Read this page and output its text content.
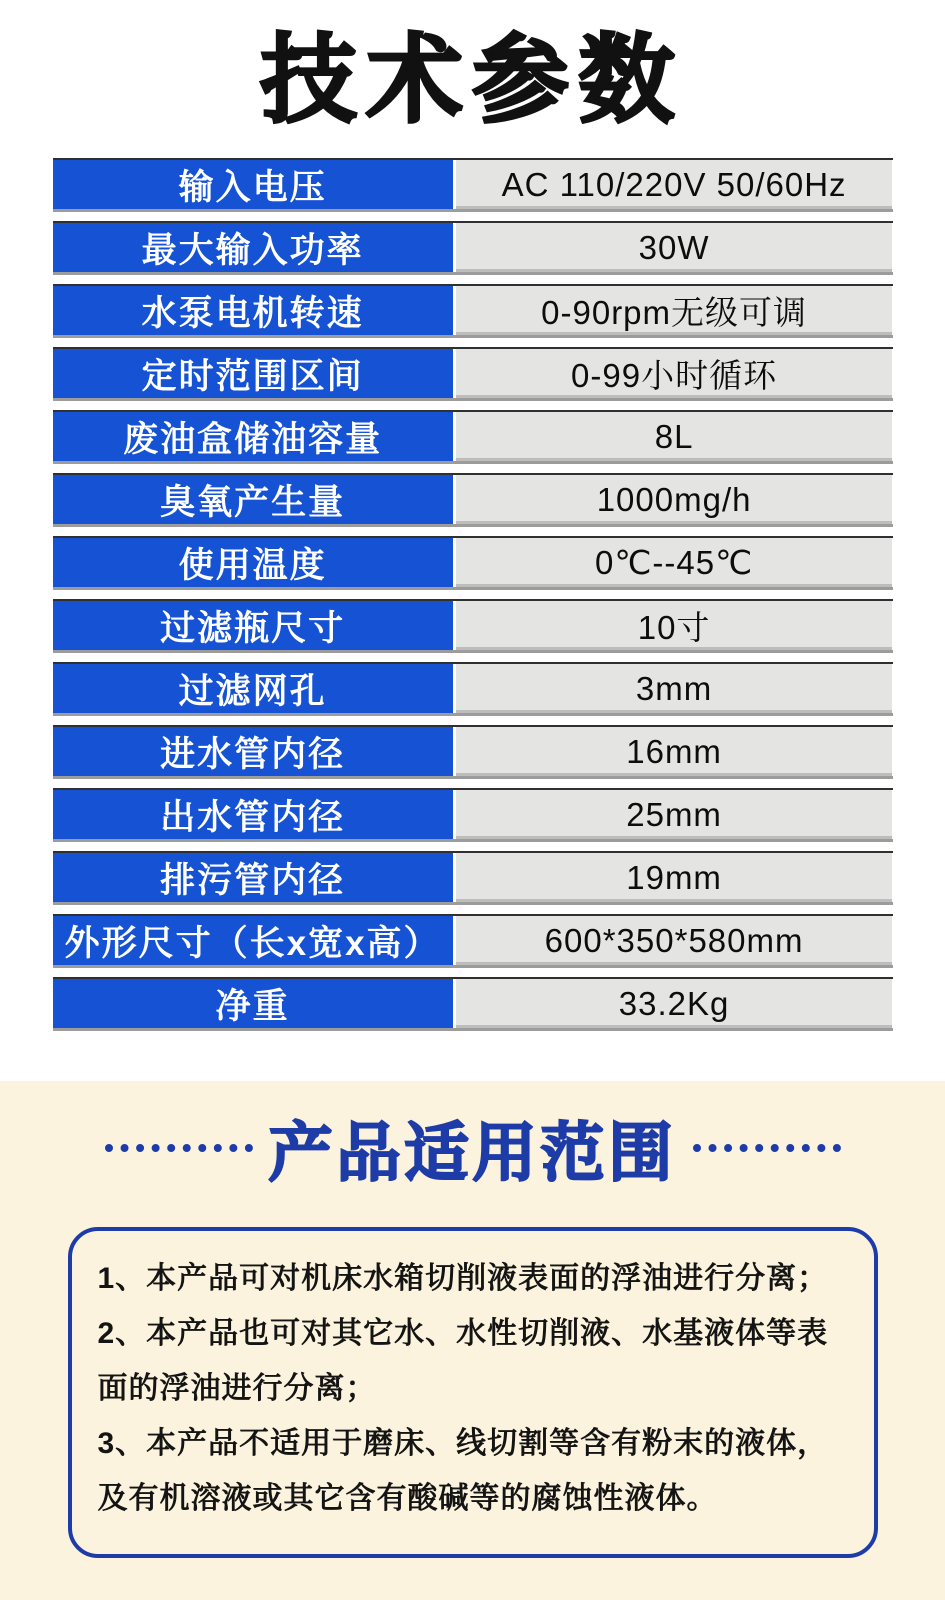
技术参数
输入电压	AC 110/220V 50/60Hz
最大输入功率	30W
水泵电机转速	0-90rpm无级可调
定时范围区间	0-99小时循环
废油盒储油容量	8L
臭氧产生量	1000mg/h
使用温度	0℃--45℃
过滤瓶尺寸	10寸
过滤网孔	3mm
进水管内径	16mm
出水管内径	25mm
排污管内径	19mm
外形尺寸（长x宽x高）	600*350*580mm
净重	33.2Kg
产品适用范围

1、本产品可对机床水箱切削液表面的浮油进行分离；

2、本产品也可对其它水、水性切削液、水基液体等表面的浮油进行分离；

3、本产品不适用于磨床、线切割等含有粉末的液体，及有机溶液或其它含有酸碱等的腐蚀性液体。
